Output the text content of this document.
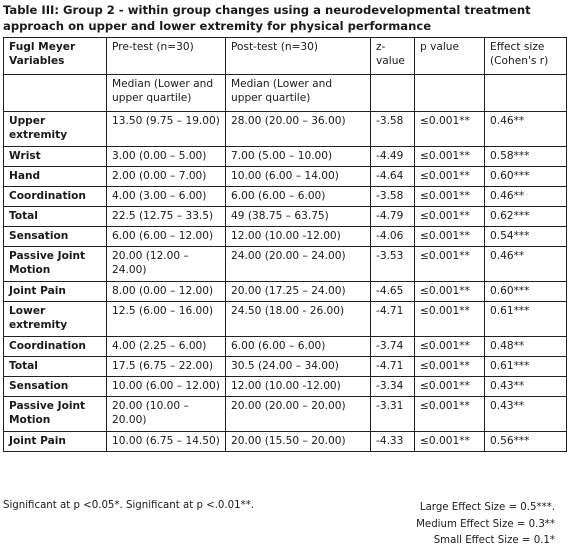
Table III: Group 2 - within group changes using a neurodevelopmental treatment
approach on upper and lower extremity for physical performance
Fugl Meyer Variables	Pre-test (n=30)	Post-test (n=30)	z-value	p value	Effect size (Cohen's r)
	Median (Lower and upper quartile)	Median (Lower and upper quartile)			
Upper extremity	13.50 (9.75 – 19.00)	28.00 (20.00 – 36.00)	-3.58	≤0.001**	0.46**
Wrist	3.00 (0.00 – 5.00)	7.00 (5.00 – 10.00)	-4.49	≤0.001**	0.58***
Hand	2.00 (0.00 – 7.00)	10.00 (6.00 – 14.00)	-4.64	≤0.001**	0.60***
Coordination	4.00 (3.00 – 6.00)	6.00 (6.00 – 6.00)	-3.58	≤0.001**	0.46**
Total	22.5 (12.75 – 33.5)	49 (38.75 – 63.75)	-4.79	≤0.001**	0.62***
Sensation	6.00 (6.00 – 12.00)	12.00 (10.00 -12.00)	-4.06	≤0.001**	0.54***
Passive Joint Motion	20.00 (12.00 – 24.00)	24.00 (20.00 – 24.00)	-3.53	≤0.001**	0.46**
Joint Pain	8.00 (0.00 – 12.00)	20.00 (17.25 – 24.00)	-4.65	≤0.001**	0.60***
Lower extremity	12.5 (6.00 – 16.00)	24.50 (18.00 - 26.00)	-4.71	≤0.001**	0.61***
Coordination	4.00 (2.25 – 6.00)	6.00 (6.00 – 6.00)	-3.74	≤0.001**	0.48**
Total	17.5 (6.75 – 22.00)	30.5 (24.00 – 34.00)	-4.71	≤0.001**	0.61***
Sensation	10.00 (6.00 – 12.00)	12.00 (10.00 -12.00)	-3.34	≤0.001**	0.43**
Passive Joint Motion	20.00 (10.00 – 20.00)	20.00 (20.00 – 20.00)	-3.31	≤0.001**	0.43**
Joint Pain	10.00 (6.75 – 14.50)	20.00 (15.50 – 20.00)	-4.33	≤0.001**	0.56***
Significant at p <0.05*. Significant at p <.0.01**.	Large Effect Size = 0.5***.
Medium Effect Size = 0.3**
Small Effect Size = 0.1*
